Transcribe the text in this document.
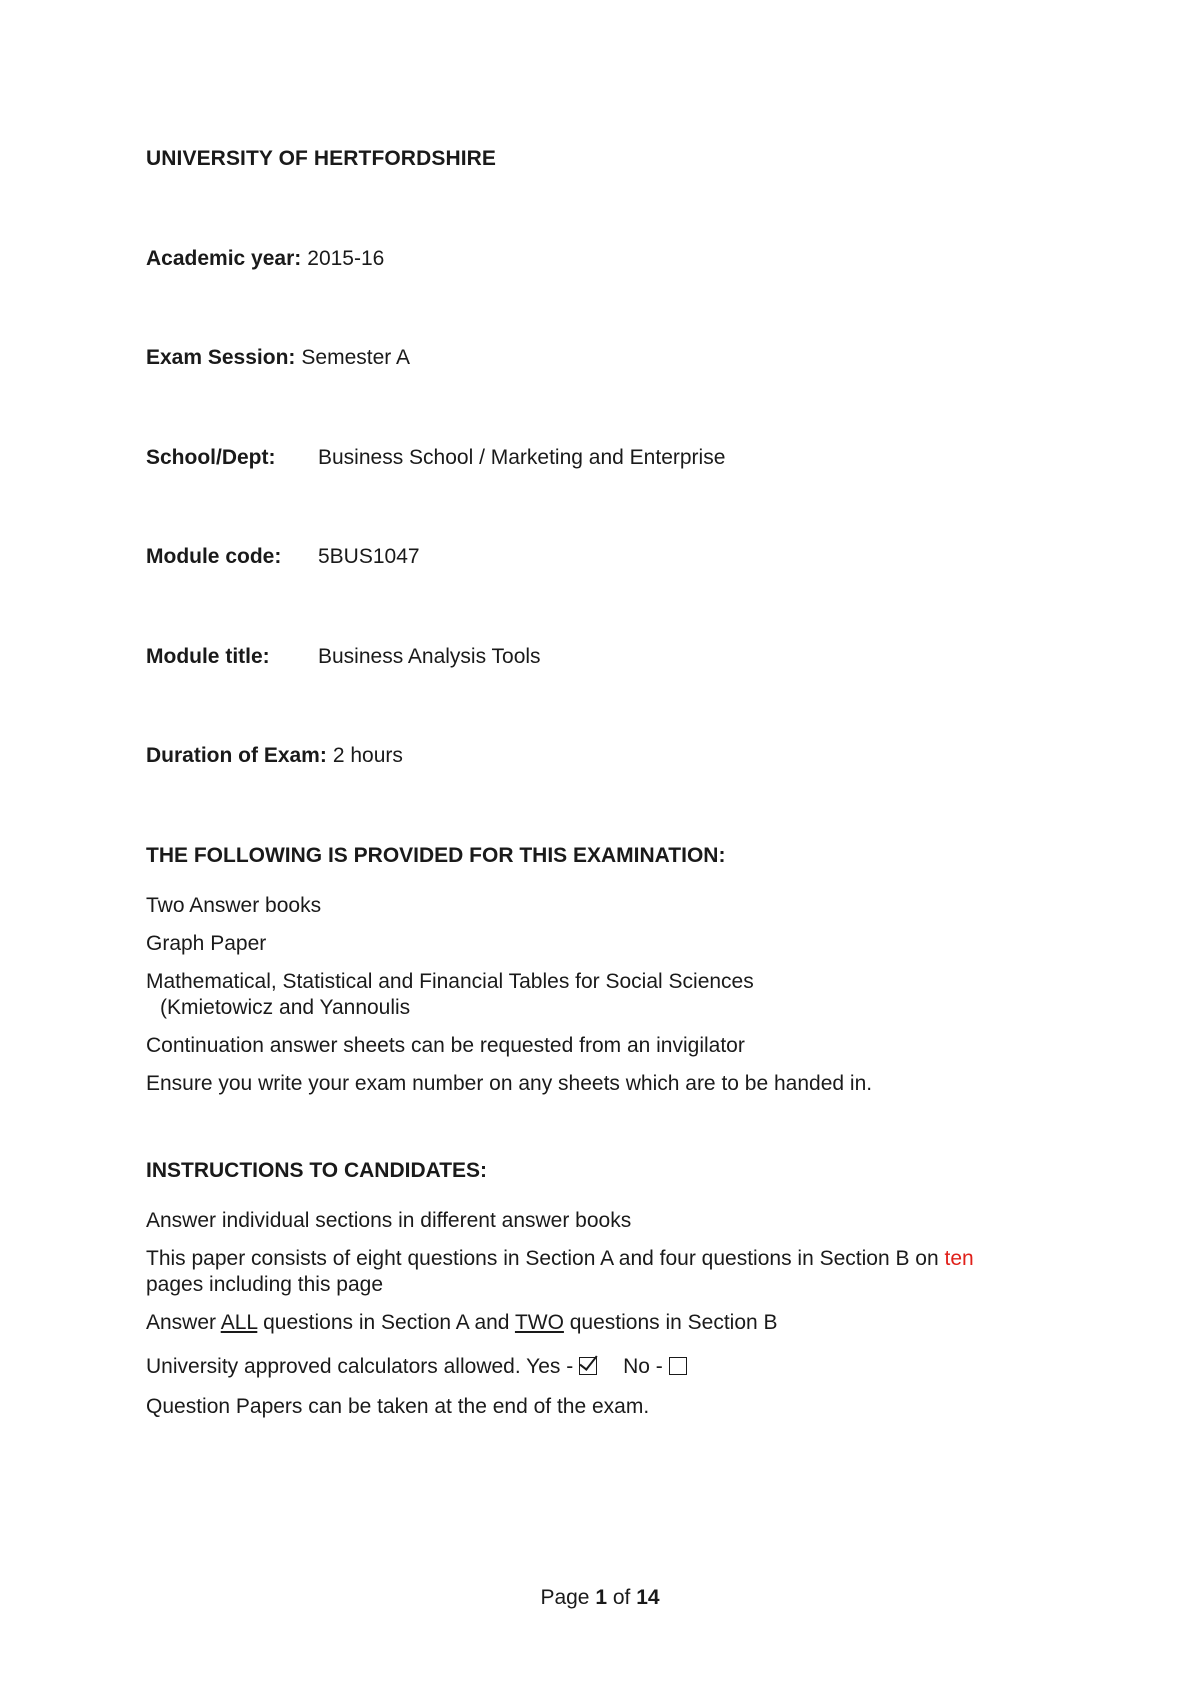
UNIVERSITY OF HERTFORDSHIRE
Academic year: 2015-16
Exam Session: Semester A
School/Dept: Business School / Marketing and Enterprise
Module code: 5BUS1047
Module title: Business Analysis Tools
Duration of Exam: 2 hours
THE FOLLOWING IS PROVIDED FOR THIS EXAMINATION:
Two Answer books
Graph Paper
Mathematical, Statistical and Financial Tables for Social Sciences
(Kmietowicz and Yannoulis
Continuation answer sheets can be requested from an invigilator
Ensure you write your exam number on any sheets which are to be handed in.
INSTRUCTIONS TO CANDIDATES:
Answer individual sections in different answer books
This paper consists of eight questions in Section A and four questions in Section B on ten
pages including this page
Answer ALL questions in Section A and TWO questions in Section B
University approved calculators allowed. Yes - No -
Question Papers can be taken at the end of the exam.
Page 1 of 14
